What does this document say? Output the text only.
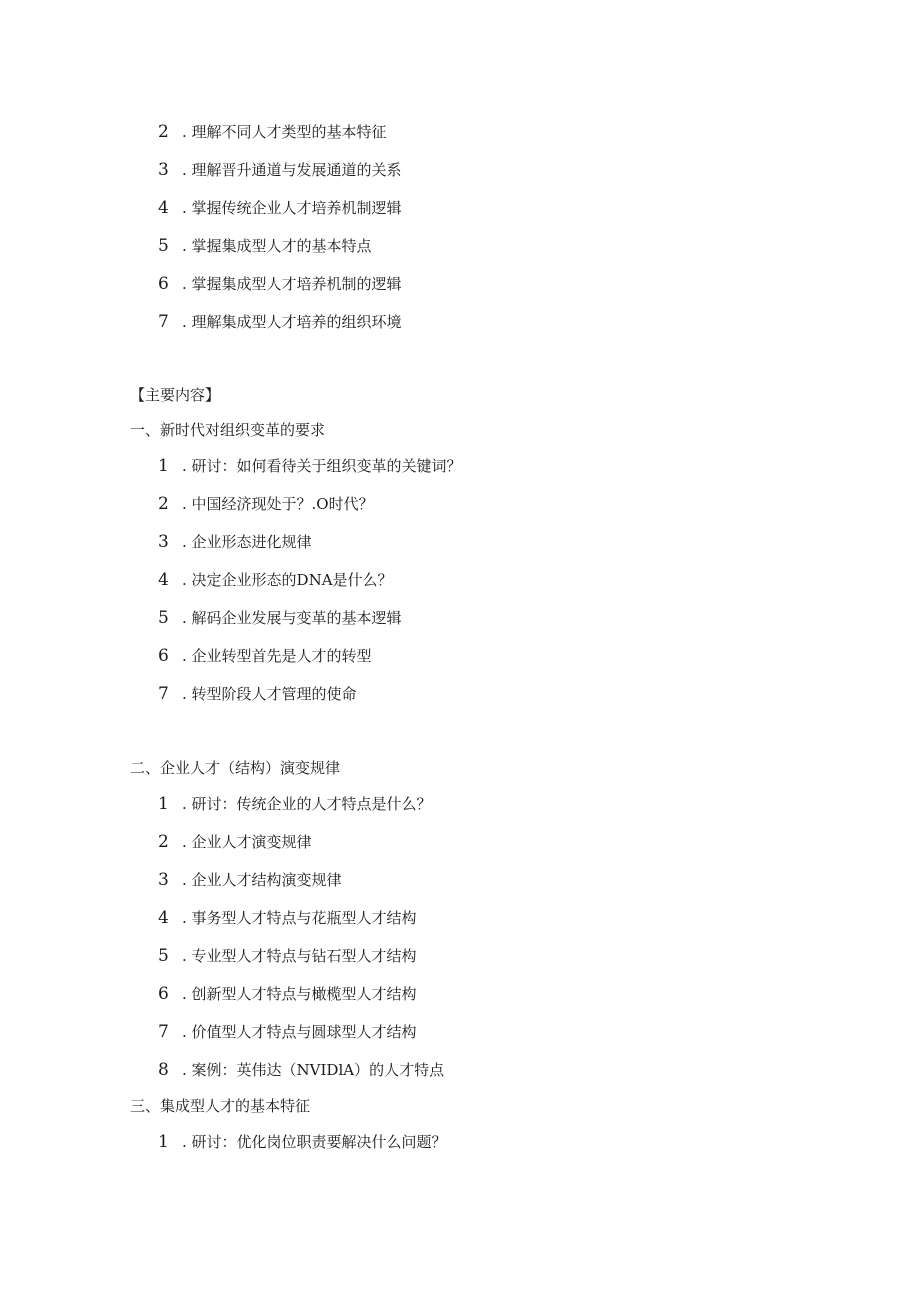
2 . 理解不同人才类型的基本特征
3 . 理解晋升通道与发展通道的关系
4 . 掌握传统企业人才培养机制逻辑
5 . 掌握集成型人才的基本特点
6 . 掌握集成型人才培养机制的逻辑
7 . 理解集成型人才培养的组织环境
【主要内容】
一、新时代对组织变革的要求
1 . 研讨：如何看待关于组织变革的关键词？
2 . 中国经济现处于？.O时代？
3 . 企业形态进化规律
4 . 决定企业形态的DNA是什么？
5 . 解码企业发展与变革的基本逻辑
6 . 企业转型首先是人才的转型
7 . 转型阶段人才管理的使命
二、企业人才（结构）演变规律
1 . 研讨：传统企业的人才特点是什么？
2 . 企业人才演变规律
3 . 企业人才结构演变规律
4 . 事务型人才特点与花瓶型人才结构
5 . 专业型人才特点与钻石型人才结构
6 . 创新型人才特点与橄榄型人才结构
7 . 价值型人才特点与圆球型人才结构
8 . 案例：英伟达（NVIDlA）的人才特点
三、集成型人才的基本特征
1 . 研讨：优化岗位职责要解决什么问题？
